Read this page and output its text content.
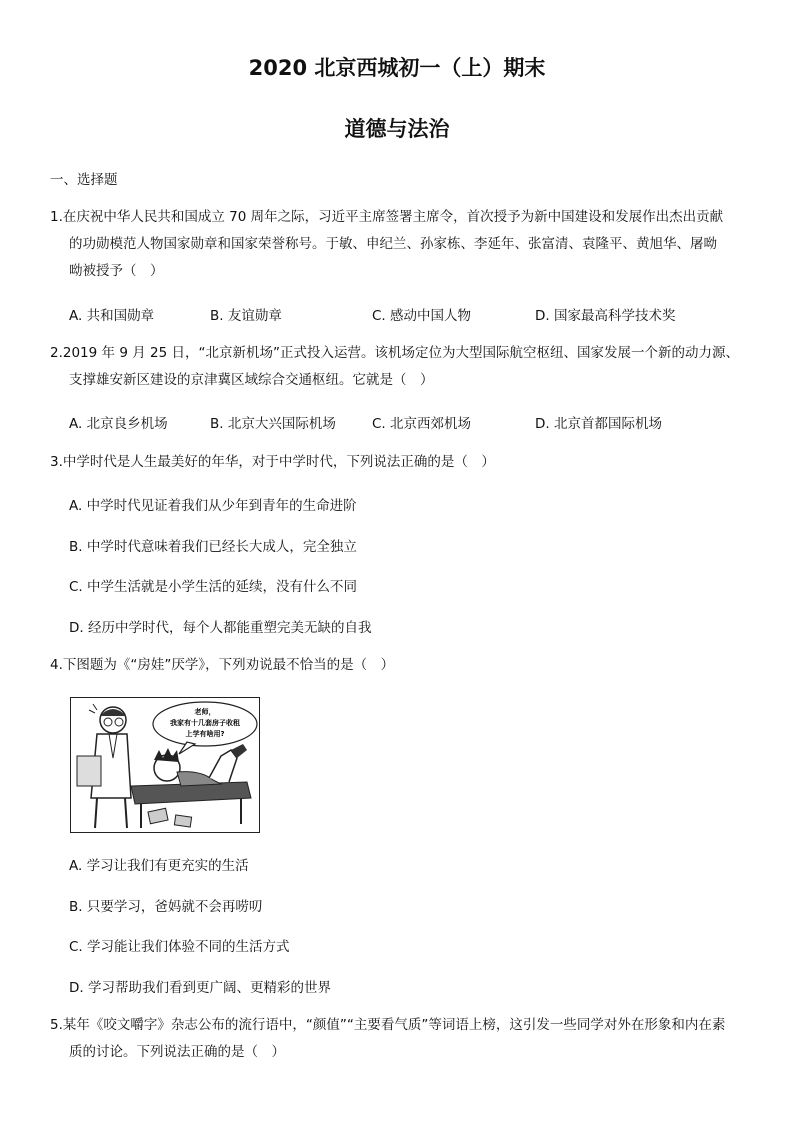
2020 北京西城初一（上）期末
道德与法治
一、选择题
1.在庆祝中华人民共和国成立 70 周年之际，习近平主席签署主席令，首次授予为新中国建设和发展作出杰出贡献
的功勋模范人物国家勋章和国家荣誉称号。于敏、申纪兰、孙家栋、李延年、张富清、袁隆平、黄旭华、屠呦
呦被授予（　）
A. 共和国勋章	B. 友谊勋章	C. 感动中国人物	D. 国家最高科学技术奖
2.2019 年 9 月 25 日，“北京新机场”正式投入运营。该机场定位为大型国际航空枢纽、国家发展一个新的动力源、
支撑雄安新区建设的京津冀区域综合交通枢纽。它就是（　）
A. 北京良乡机场	B. 北京大兴国际机场	C. 北京西郊机场	D. 北京首都国际机场
3.中学时代是人生最美好的年华，对于中学时代，下列说法正确的是（　）
A. 中学时代见证着我们从少年到青年的生命进阶
B. 中学时代意味着我们已经长大成人，完全独立
C. 中学生活就是小学生活的延续，没有什么不同
D. 经历中学时代，每个人都能重塑完美无缺的自我
4.下图题为《“房娃”厌学》，下列劝说最不恰当的是（　）
老师，
我家有十几套房子收租
上学有啥用?
A. 学习让我们有更充实的生活
B. 只要学习，爸妈就不会再唠叨
C. 学习能让我们体验不同的生活方式
D. 学习帮助我们看到更广阔、更精彩的世界
5.某年《咬文嚼字》杂志公布的流行语中，“颜值”“主要看气质”等词语上榜，这引发一些同学对外在形象和内在素
质的讨论。下列说法正确的是（　）
